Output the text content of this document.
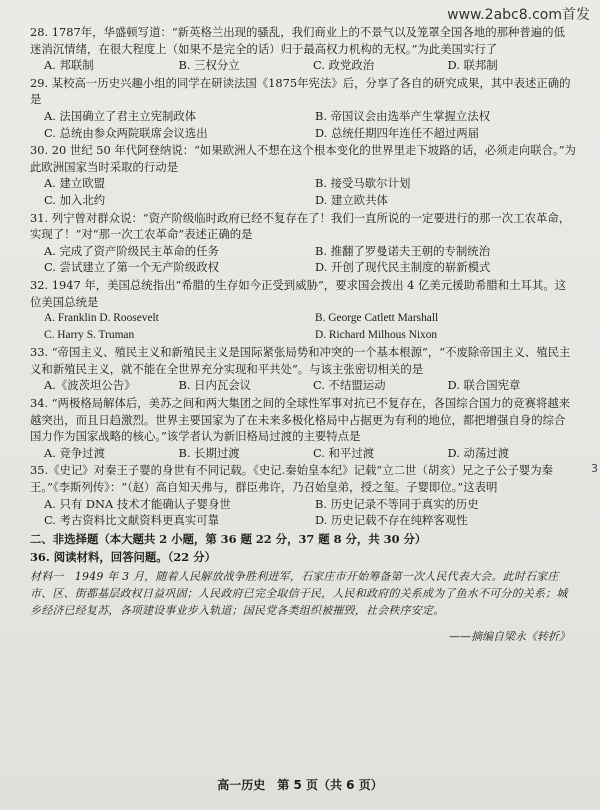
www.2abc8.com首发
3
28. 1787年，华盛顿写道：“新英格兰出现的骚乱，我们商业上的不景气以及笼罩全国各地的那种普遍的低迷消沉情绪，在很大程度上（如果不是完全的话）归于最高权力机构的无权。”为此美国实行了
A. 邦联制	B. 三权分立	C. 政党政治	D. 联邦制
29. 某校高一历史兴趣小组的同学在研读法国《1875年宪法》后，分享了各自的研究成果，其中表述正确的是
A. 法国确立了君主立宪制政体	B. 帝国议会由选举产生掌握立法权
C. 总统由参众两院联席会议选出	D. 总统任期四年连任不超过两届
30. 20 世纪 50 年代阿登纳说：“如果欧洲人不想在这个根本变化的世界里走下坡路的话，必须走向联合。”为此欧洲国家当时采取的行动是
A. 建立欧盟	B. 接受马歇尔计划
C. 加入北约	D. 建立欧共体
31. 列宁曾对群众说：“资产阶级临时政府已经不复存在了！我们一直所说的一定要进行的那一次工农革命，实现了！”对“那一次工农革命”表述正确的是
A. 完成了资产阶级民主革命的任务	B. 推翻了罗曼诺夫王朝的专制统治
C. 尝试建立了第一个无产阶级政权	D. 开创了现代民主制度的崭新模式
32. 1947 年，美国总统指出“希腊的生存如今正受到威胁”，要求国会拨出 4 亿美元援助希腊和土耳其。这位美国总统是
A. Franklin D. Roosevelt	B. George Catlett Marshall
C. Harry S. Truman	D. Richard Milhous Nixon
33. “帝国主义、殖民主义和新殖民主义是国际紧张局势和冲突的一个基本根源”，“不废除帝国主义、殖民主义和新殖民主义，就不能在全世界充分实现和平共处”。与该主张密切相关的是
A.《波茨坦公告》	B. 日内瓦会议	C. 不结盟运动	D. 联合国宪章
34. “两极格局解体后，美苏之间和两大集团之间的全球性军事对抗已不复存在，各国综合国力的竞赛将越来越突出，而且日趋激烈。世界主要国家为了在未来多极化格局中占据更为有利的地位，都把增强自身的综合国力作为国家战略的核心。”该学者认为新旧格局过渡的主要特点是
A. 竞争过渡	B. 长期过渡	C. 和平过渡	D. 动荡过渡
35.《史记》对秦王子婴的身世有不同记载。《史记.秦始皇本纪》记载“立二世（胡亥）兄之子公子婴为秦王。”《李斯列传》：“（赵）高自知天弗与，群臣弗许，乃召始皇弟，授之玺。子婴即位。”这表明
A. 只有 DNA 技术才能确认子婴身世	B. 历史记录不等同于真实的历史
C. 考古资料比文献资料更真实可靠	D. 历史记载不存在纯粹客观性
二、非选择题（本大题共 2 小题，第 36 题 22 分，37 题 8 分，共 30 分）
36. 阅读材料，回答问题。（22 分）
材料一　1949 年 3 月，随着人民解放战争胜利进军，石家庄市开始筹备第一次人民代表大会。此时石家庄市、区、街都基层政权日益巩固；人民政府已完全取信于民，人民和政府的关系成为了鱼水不可分的关系；城乡经济已经复苏，各项建设事业步入轨道；国民党各类组织被摧毁，社会秩序安定。
——摘编自梁永《转折》
高一历史　第 5 页（共 6 页）
